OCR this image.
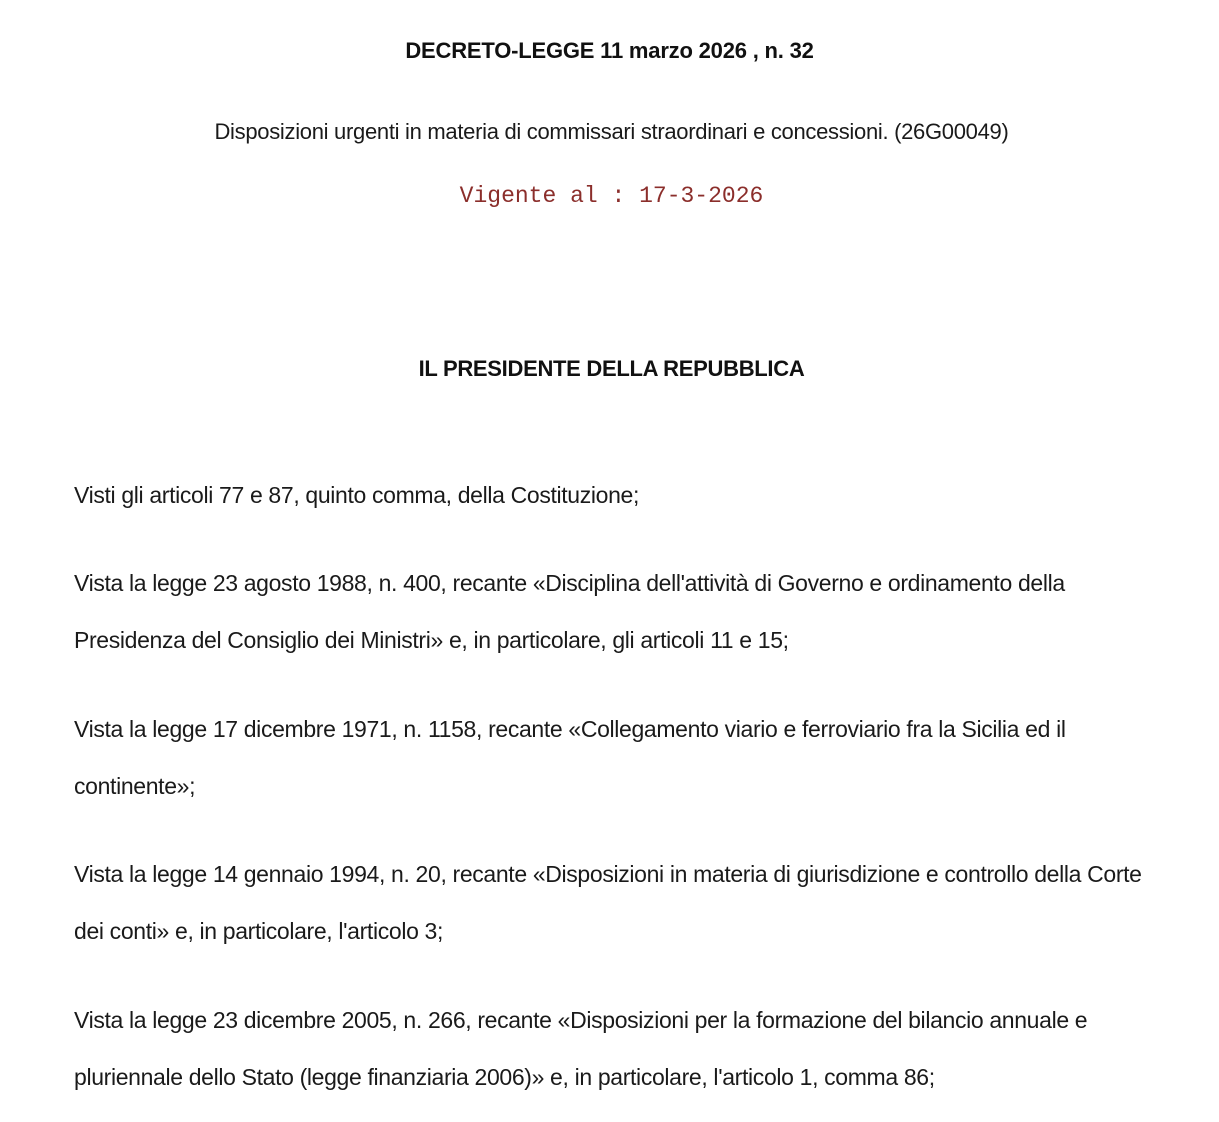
DECRETO-LEGGE 11 marzo 2026 , n. 32
Disposizioni urgenti in materia di commissari straordinari e concessioni. (26G00049)
Vigente al : 17-3-2026
IL PRESIDENTE DELLA REPUBBLICA

Visti gli articoli 77 e 87, quinto comma, della Costituzione;

Vista la legge 23 agosto 1988, n. 400, recante «Disciplina dell'attività di Governo e ordinamento della Presidenza del Consiglio dei Ministri» e, in particolare, gli articoli 11 e 15;

Vista la legge 17 dicembre 1971, n. 1158, recante «Collegamento viario e ferroviario fra la Sicilia ed il continente»;

Vista la legge 14 gennaio 1994, n. 20, recante «Disposizioni in materia di giurisdizione e controllo della Corte dei conti» e, in particolare, l'articolo 3;

Vista la legge 23 dicembre 2005, n. 266, recante «Disposizioni per la formazione del bilancio annuale e pluriennale dello Stato (legge finanziaria 2006)» e, in particolare, l'articolo 1, comma 86;
